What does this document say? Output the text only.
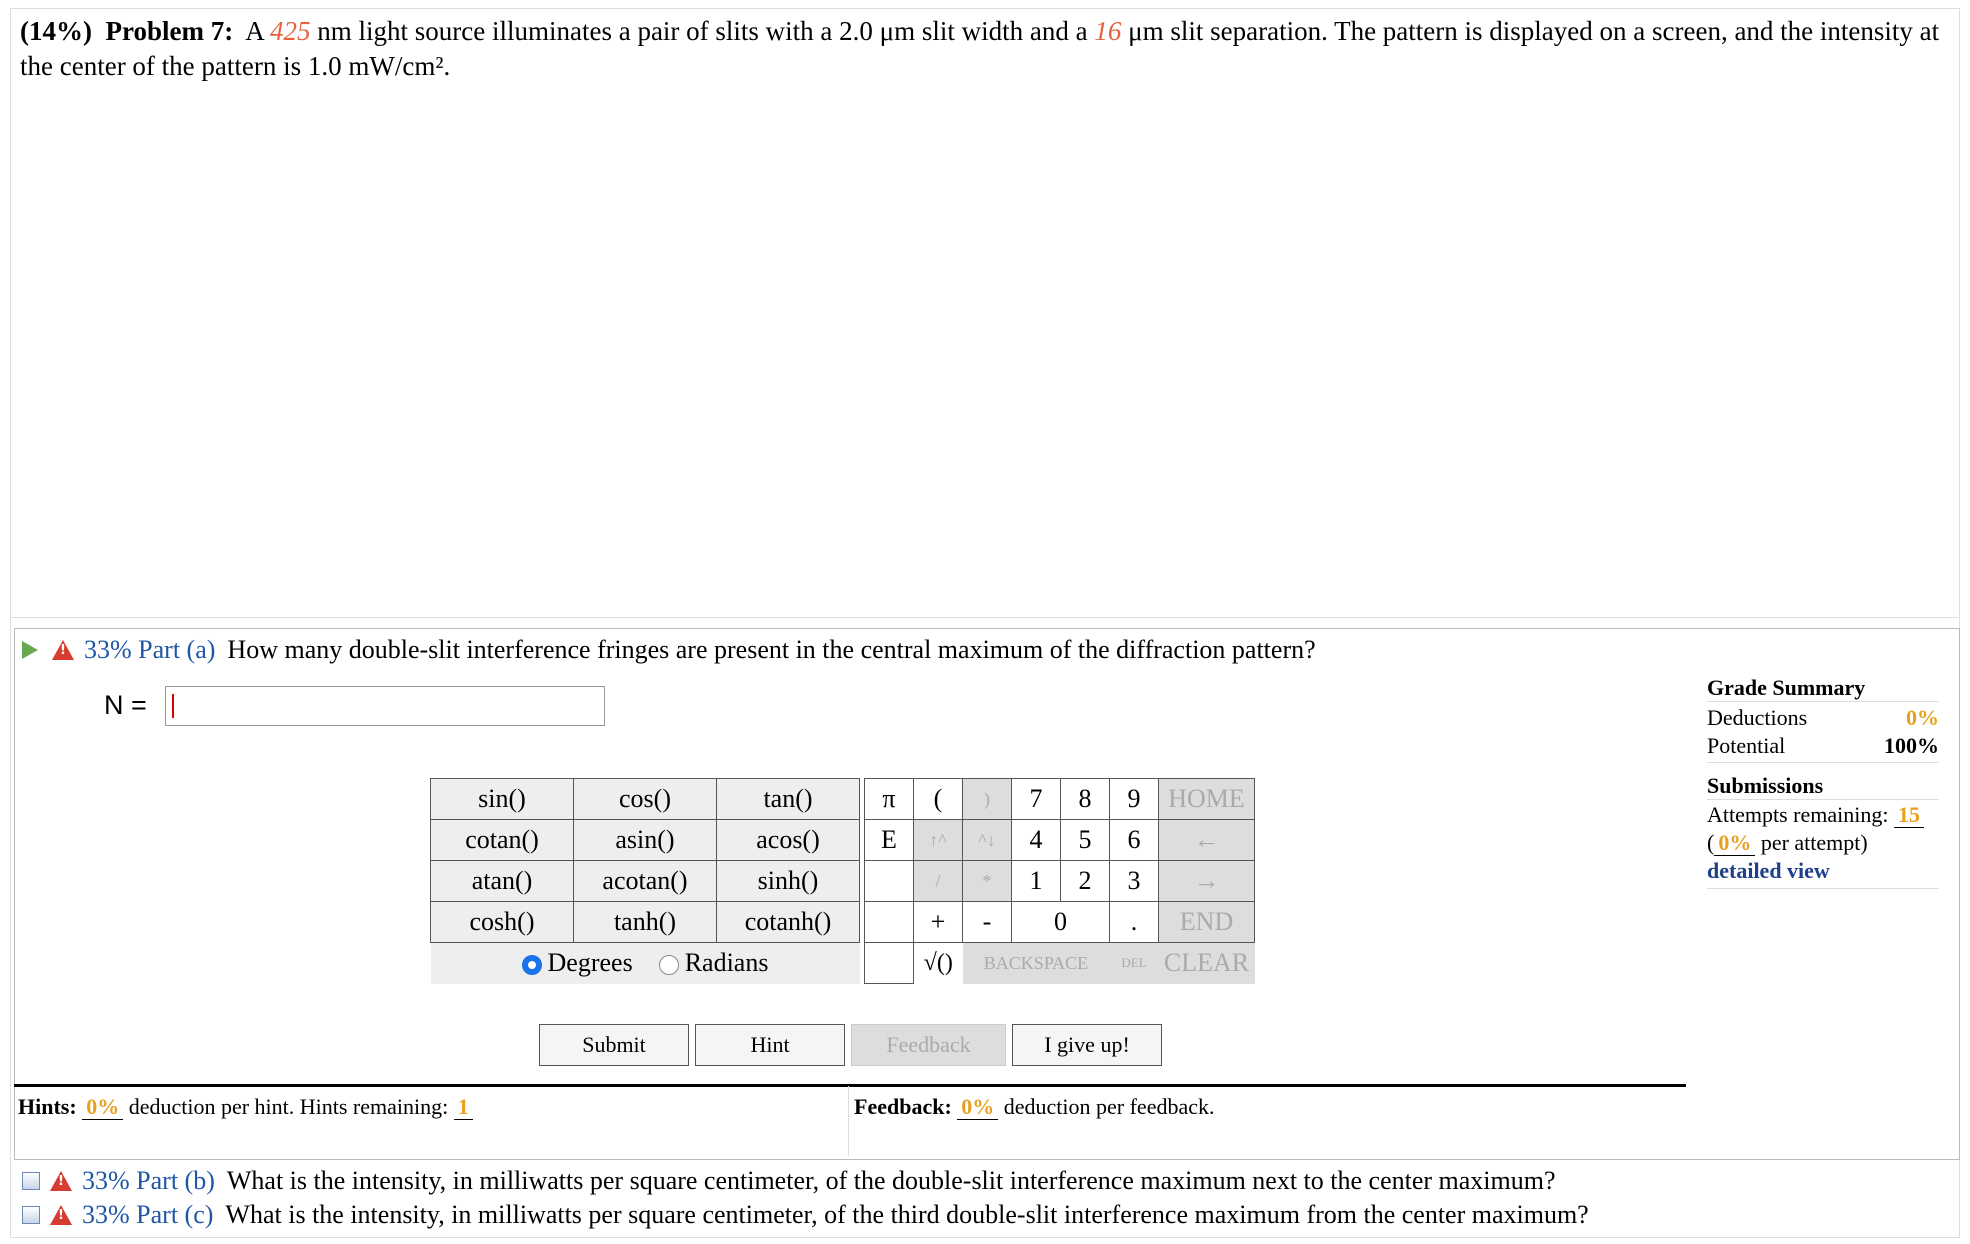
(14%) Problem 7: A 425 nm light source illuminates a pair of slits with a 2.0 μm slit width and a 16 μm slit separation. The pattern is displayed on a screen, and the intensity at the center of the pattern is 1.0 mW/cm².
!
33% Part (a) How many double-slit interference fringes are present in the central maximum of the diffraction pattern?
N =
sin()	cos()	tan()		π	(	)	7	8	9	HOME
cotan()	asin()	acos()		E	↑^	^↓	4	5	6	←
atan()	acotan()	sinh()			/	*	1	2	3	→
cosh()	tanh()	cotanh()			+	-	0		.	END
Degrees Radians					√()	BACKSPACE			DEL	CLEAR
Submit	Hint	Feedback	I give up!
Grade Summary
Deductions	0%
Potential	100%
Submissions
Attempts remaining: 15
( 0% per attempt)
detailed view
Hints: 0% deduction per hint. Hints remaining: 1	Feedback: 0% deduction per feedback.
!
33% Part (b) What is the intensity, in milliwatts per square centimeter, of the double-slit interference maximum next to the center maximum?
!
33% Part (c) What is the intensity, in milliwatts per square centimeter, of the third double-slit interference maximum from the center maximum?
